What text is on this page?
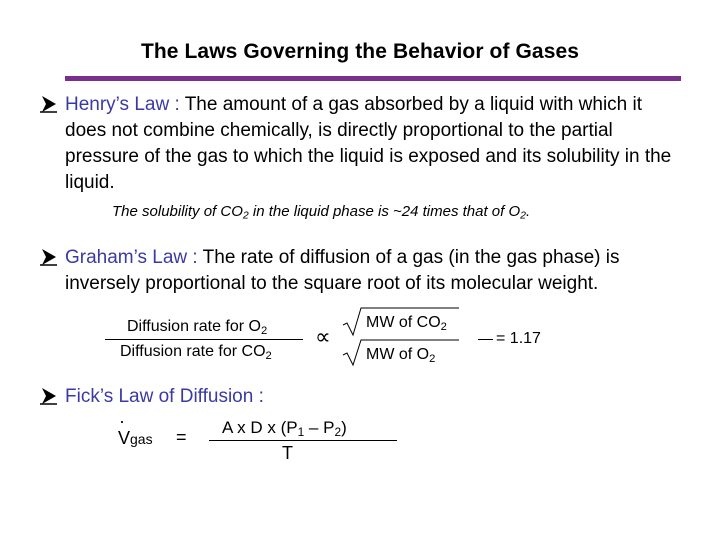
The Laws Governing the Behavior of Gases
Henry’s Law : The amount of a gas absorbed by a liquid with which it does not combine chemically, is directly proportional to the partial pressure of the gas to which the liquid is exposed and its solubility in the liquid.
The solubility of $CO_2$ in the liquid phase is ~24 times that of $O_2$.
Graham’s Law : The rate of diffusion of a gas (in the gas phase) is inversely proportional to the square root of its molecular weight.
Diffusion rate for $O_2$
Diffusion rate for $CO_2$
∝
MW of $CO_2$
MW of $O_2$
= 1.17
Fick’s Law of Diffusion :
·
Vgas = A x D x $(P_1 - P_2)$
T
